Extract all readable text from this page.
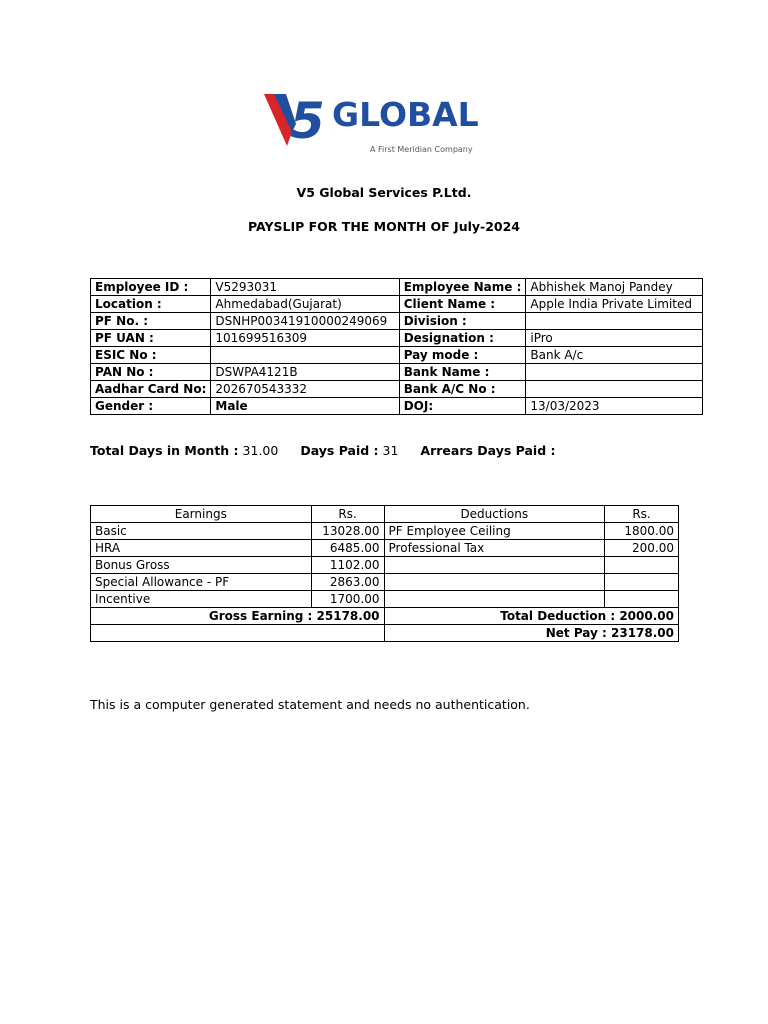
5 GLOBAL
A First Meridian Company
V5 Global Services P.Ltd.
PAYSLIP FOR THE MONTH OF July-2024
Employee ID :	V5293031	Employee Name :	Abhishek Manoj Pandey
Location :	Ahmedabad(Gujarat)	Client Name :	Apple India Private Limited
PF No. :	DSNHP00341910000249069	Division :	
PF UAN :	101699516309	Designation :	iPro
ESIC No :		Pay mode :	Bank A/c
PAN No :	DSWPA4121B	Bank Name :	
Aadhar Card No:	202670543332	Bank A/C No :	
Gender :	Male	DOJ:	13/03/2023
Total Days in Month : 31.00 Days Paid : 31 Arrears Days Paid :
Earnings	Rs.	Deductions	Rs.
Basic	13028.00	PF Employee Ceiling	1800.00
HRA	6485.00	Professional Tax	200.00
Bonus Gross	1102.00		
Special Allowance - PF	2863.00		
Incentive	1700.00		
Gross Earning : 25178.00		Total Deduction : 2000.00	
		Net Pay : 23178.00	
This is a computer generated statement and needs no authentication.
